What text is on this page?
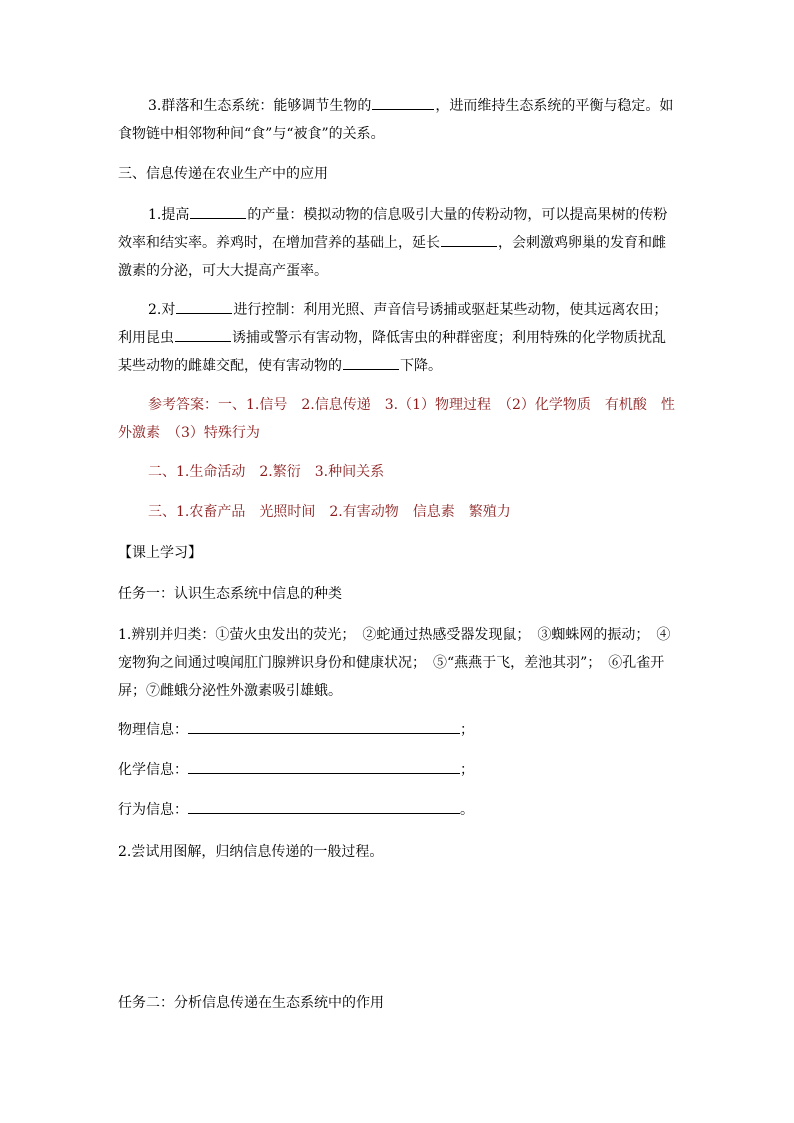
3.群落和生态系统：能够调节生物的	，进而维持生态系统的平衡与稳定。如食物链中相邻物种间“食”与“被食”的关系。

三、信息传递在农业生产中的应用

1.提高	的产量：模拟动物的信息吸引大量的传粉动物，可以提高果树的传粉效率和结实率。养鸡时，在增加营养的基础上，延长	，会刺激鸡卵巢的发育和雌激素的分泌，可大大提高产蛋率。

2.对	进行控制：利用光照、声音信号诱捕或驱赶某些动物，使其远离农田；利用昆虫	诱捕或警示有害动物，降低害虫的种群密度；利用特殊的化学物质扰乱某些动物的雌雄交配，使有害动物的	下降。

参考答案：一、1.信号　2.信息传递　3.（1）物理过程　（2）化学物质　有机酸　性外激素　（3）特殊行为

二、1.生命活动　2.繁衍　3.种间关系

三、1.农畜产品　光照时间　2.有害动物　信息素　繁殖力

【课上学习】

任务一：认识生态系统中信息的种类

1.辨别并归类：①萤火虫发出的荧光；　②蛇通过热感受器发现鼠；　③蜘蛛网的振动；　④宠物狗之间通过嗅闻肛门腺辨识身份和健康状况；　⑤“燕燕于飞，差池其羽”；　⑥孔雀开屏；⑦雌蛾分泌性外激素吸引雄蛾。

物理信息：	；
化学信息：	；
行为信息：	。

2.尝试用图解，归纳信息传递的一般过程。

任务二：分析信息传递在生态系统中的作用
